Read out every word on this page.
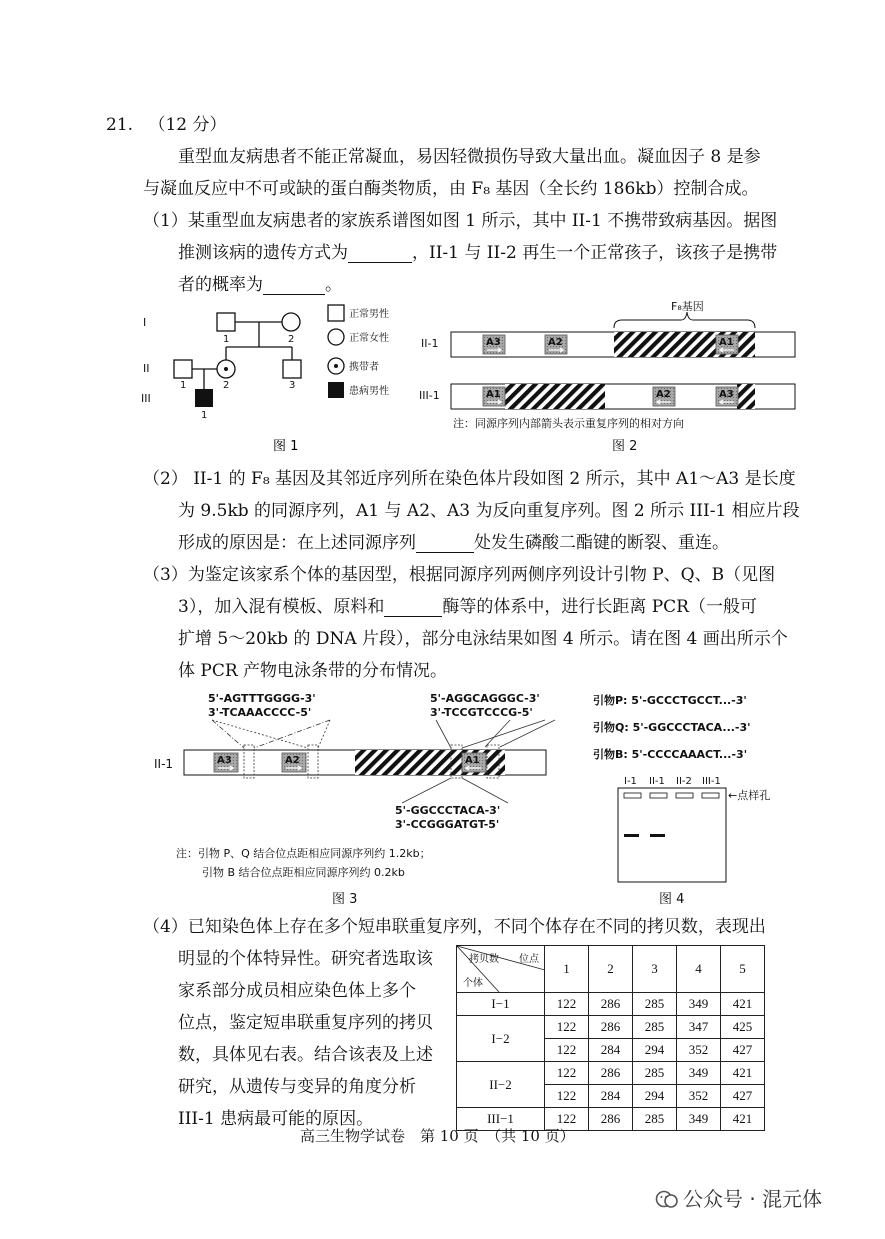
21. （12 分）
重型血友病患者不能正常凝血，易因轻微损伤导致大量出血。凝血因子 8 是参
与凝血反应中不可或缺的蛋白酶类物质，由 F₈ 基因（全长约 186kb）控制合成。
（1）某重型血友病患者的家族系谱图如图 1 所示，其中 II-1 不携带致病基因。据图
推测该病的遗传方式为	，II-1 与 II-2 再生一个正常孩子，该孩子是携带
者的概率为	。
I
II
III
1	2
1	2	3
1
正常男性
正常女性
携带者
患病男性
图 1
F₈基因
II-1	A3	A2	A1
III-1	A1	A2	A3
注：同源序列内部箭头表示重复序列的相对方向
图 2
（2） II-1 的 F₈ 基因及其邻近序列所在染色体片段如图 2 所示，其中 A1～A3 是长度
为 9.5kb 的同源序列，A1 与 A2、A3 为反向重复序列。图 2 所示 III-1 相应片段
形成的原因是：在上述同源序列	处发生磷酸二酯键的断裂、重连。
（3）为鉴定该家系个体的基因型，根据同源序列两侧序列设计引物 P、Q、B（见图
3），加入混有模板、原料和	酶等的体系中，进行长距离 PCR（一般可
扩增 5～20kb 的 DNA 片段），部分电泳结果如图 4 所示。请在图 4 画出所示个
体 PCR 产物电泳条带的分布情况。
5'-AGTTTGGGG-3'
3'-TCAAACCCC-5'
5'-AGGCAGGGC-3'
3'-TCCGTCCCG-5'
5'-GGCCCTACA-3'
3'-CCGGGATGT-5'
II-1	A3	A2	A1
注：引物 P、Q 结合位点距相应同源序列约 1.2kb；
引物 B 结合位点距相应同源序列约 0.2kb
图 3
引物P: 5'-GCCCTGCCT...-3'
引物Q: 5'-GGCCCTACA...-3'
引物B: 5'-CCCCAAACT...-3'
I-1 II-1 II-2 III-1
←点样孔
图 4
（4）已知染色体上存在多个短串联重复序列，不同个体存在不同的拷贝数，表现出
明显的个体特异性。研究者选取该
家系部分成员相应染色体上多个
位点，鉴定短串联重复序列的拷贝
数，具体见右表。结合该表及上述
研究，从遗传与变异的角度分析
III-1 患病最可能的原因。
拷贝数 位点
个体	1	2	3	4	5
I−1	122	286	285	349	421
I−2	122	286	285	347	425
	122	284	294	352	427
II−2	122	286	285	349	421
	122	284	294	352	427
III−1	122	286	285	349	421
高三生物学试卷　第 10 页　（共 10 页）
公众号 · 混元体
